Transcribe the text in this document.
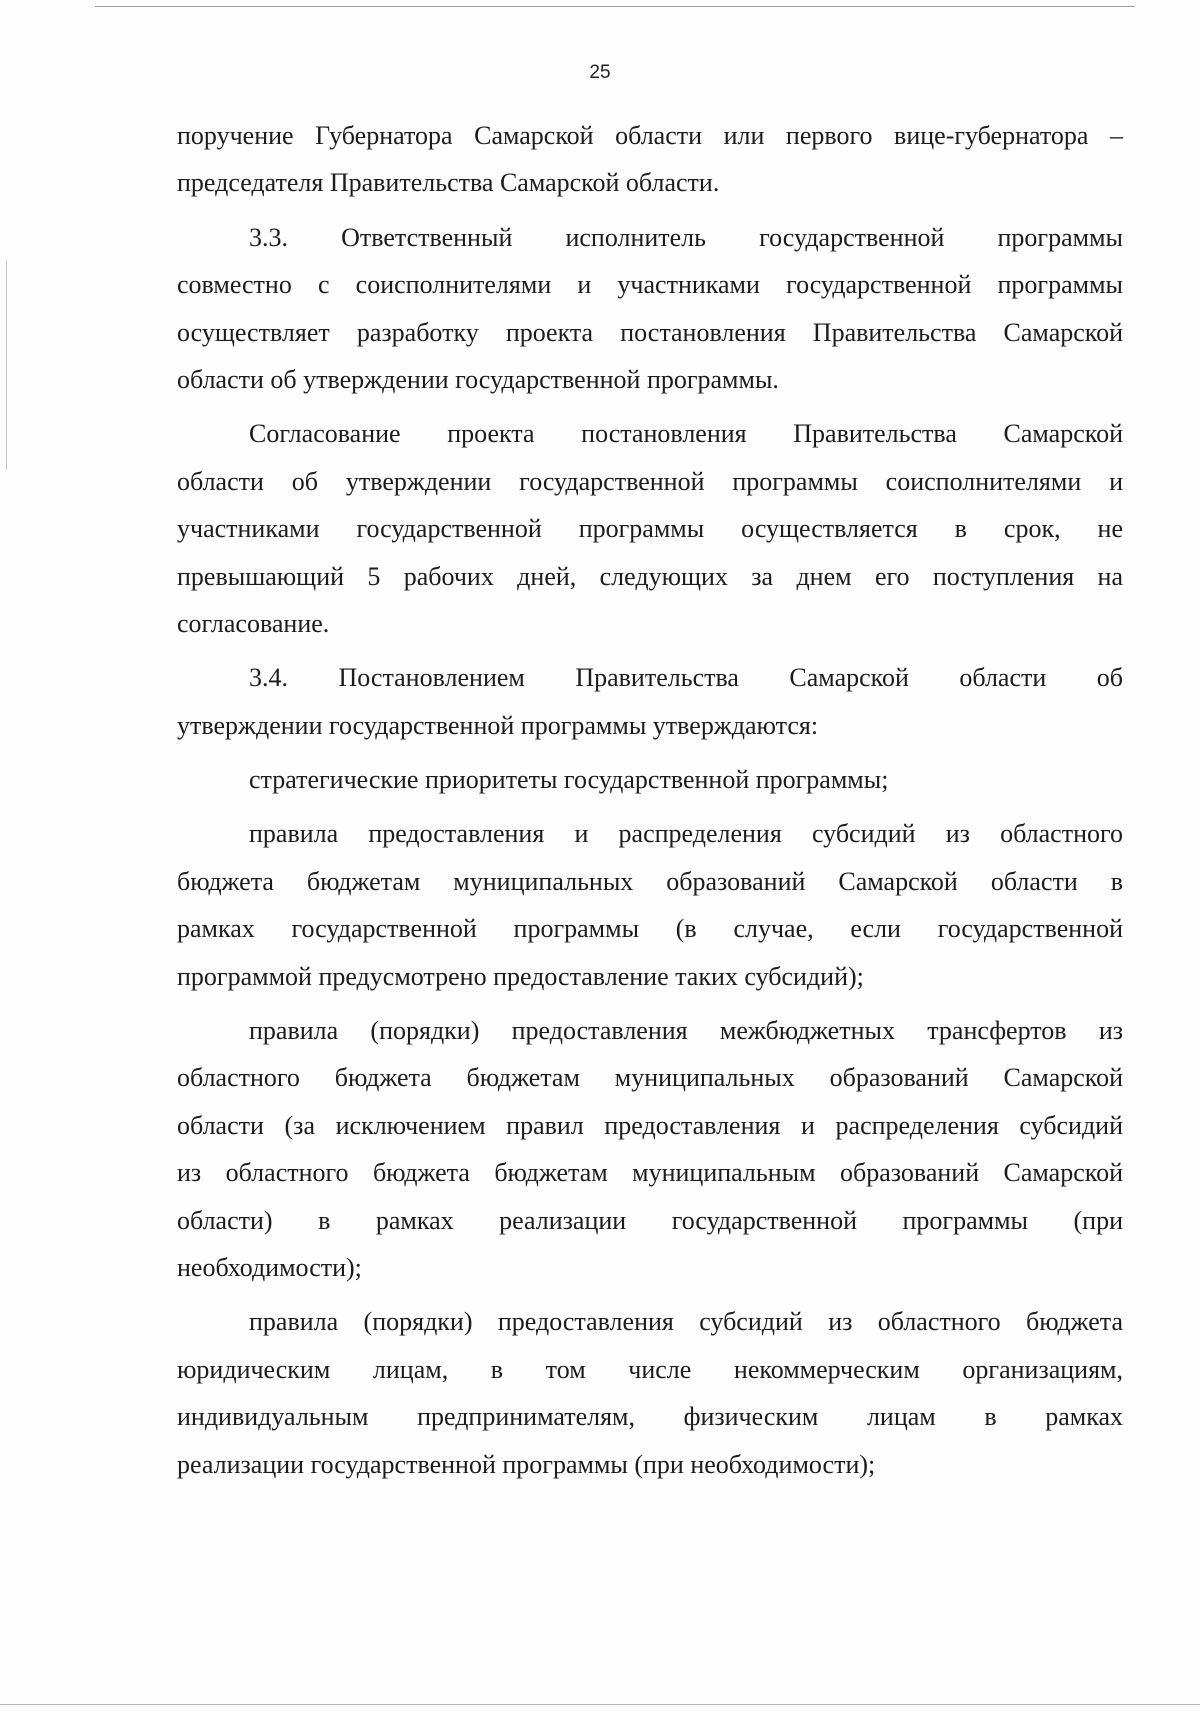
25
поручение Губернатора Самарской области или первого вице-губернатора –
председателя Правительства Самарской области.
3.3. Ответственный исполнитель государственной программы
совместно с соисполнителями и участниками государственной программы
осуществляет разработку проекта постановления Правительства Самарской
области об утверждении государственной программы.
Согласование проекта постановления Правительства Самарской
области об утверждении государственной программы соисполнителями и
участниками государственной программы осуществляется в срок, не
превышающий 5 рабочих дней, следующих за днем его поступления на
согласование.
3.4. Постановлением Правительства Самарской области об
утверждении государственной программы утверждаются:
стратегические приоритеты государственной программы;
правила предоставления и распределения субсидий из областного
бюджета бюджетам муниципальных образований Самарской области в
рамках государственной программы (в случае, если государственной
программой предусмотрено предоставление таких субсидий);
правила (порядки) предоставления межбюджетных трансфертов из
областного бюджета бюджетам муниципальных образований Самарской
области (за исключением правил предоставления и распределения субсидий
из областного бюджета бюджетам муниципальным образований Самарской
области) в рамках реализации государственной программы (при
необходимости);
правила (порядки) предоставления субсидий из областного бюджета
юридическим лицам, в том числе некоммерческим организациям,
индивидуальным предпринимателям, физическим лицам в рамках
реализации государственной программы (при необходимости);
